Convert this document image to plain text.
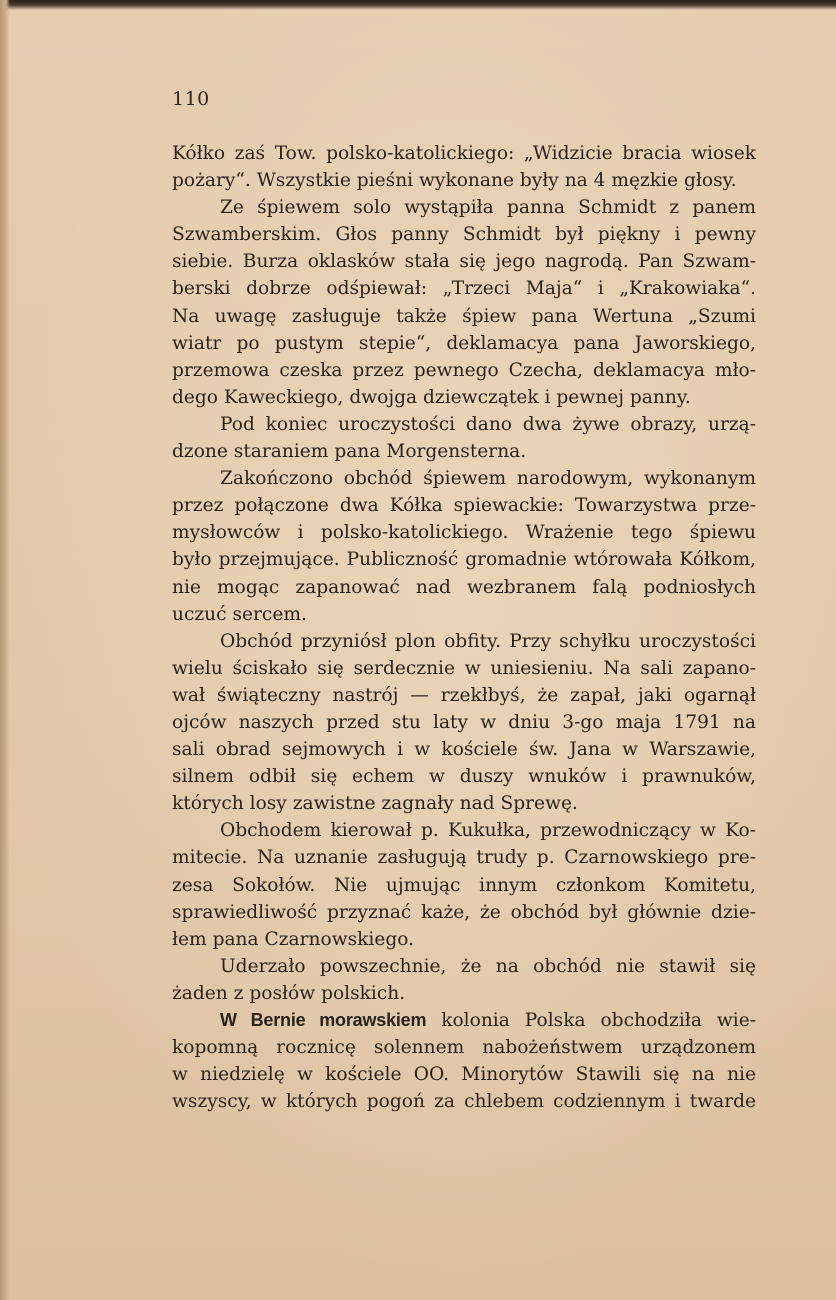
110
Kółko zaś Tow. polsko-katolickiego: „Widzicie bracia wiosek
pożary“. Wszystkie pieśni wykonane były na 4 męzkie głosy.
Ze śpiewem solo wystąpiła panna Schmidt z panem
Szwamberskim. Głos panny Schmidt był piękny i pewny
siebie. Burza oklasków stała się jego nagrodą. Pan Szwam-
berski dobrze odśpiewał: „Trzeci Maja“ i „Krakowiaka“.
Na uwagę zasługuje także śpiew pana Wertuna „Szumi
wiatr po pustym stepie“, deklamacya pana Jaworskiego,
przemowa czeska przez pewnego Czecha, deklamacya mło-
dego Kaweckiego, dwojga dziewczątek i pewnej panny.
Pod koniec uroczystości dano dwa żywe obrazy, urzą-
dzone staraniem pana Morgensterna.
Zakończono obchód śpiewem narodowym, wykonanym
przez połączone dwa Kółka spiewackie: Towarzystwa prze-
mysłowców i polsko-katolickiego. Wrażenie tego śpiewu
było przejmujące. Publiczność gromadnie wtórowała Kółkom,
nie mogąc zapanować nad wezbranem falą podniosłych
uczuć sercem.
Obchód przyniósł plon obfity. Przy schyłku uroczystości
wielu ściskało się serdecznie w uniesieniu. Na sali zapano-
wał świąteczny nastrój — rzekłbyś, że zapał, jaki ogarnął
ojców naszych przed stu laty w dniu 3-go maja 1791 na
sali obrad sejmowych i w kościele św. Jana w Warszawie,
silnem odbił się echem w duszy wnuków i prawnuków,
których losy zawistne zagnały nad Sprewę.
Obchodem kierował p. Kukułka, przewodniczący w Ko-
mitecie. Na uznanie zasługują trudy p. Czarnowskiego pre-
zesa Sokołów. Nie ujmując innym członkom Komitetu,
sprawiedliwość przyznać każe, że obchód był głównie dzie-
łem pana Czarnowskiego.
Uderzało powszechnie, że na obchód nie stawił się
żaden z posłów polskich.
W Bernie morawskiem kolonia Polska obchodziła wie-
kopomną rocznicę solennem nabożeństwem urządzonem
w niedzielę w kościele OO. Minorytów Stawili się na nie
wszyscy, w których pogoń za chlebem codziennym i twarde
